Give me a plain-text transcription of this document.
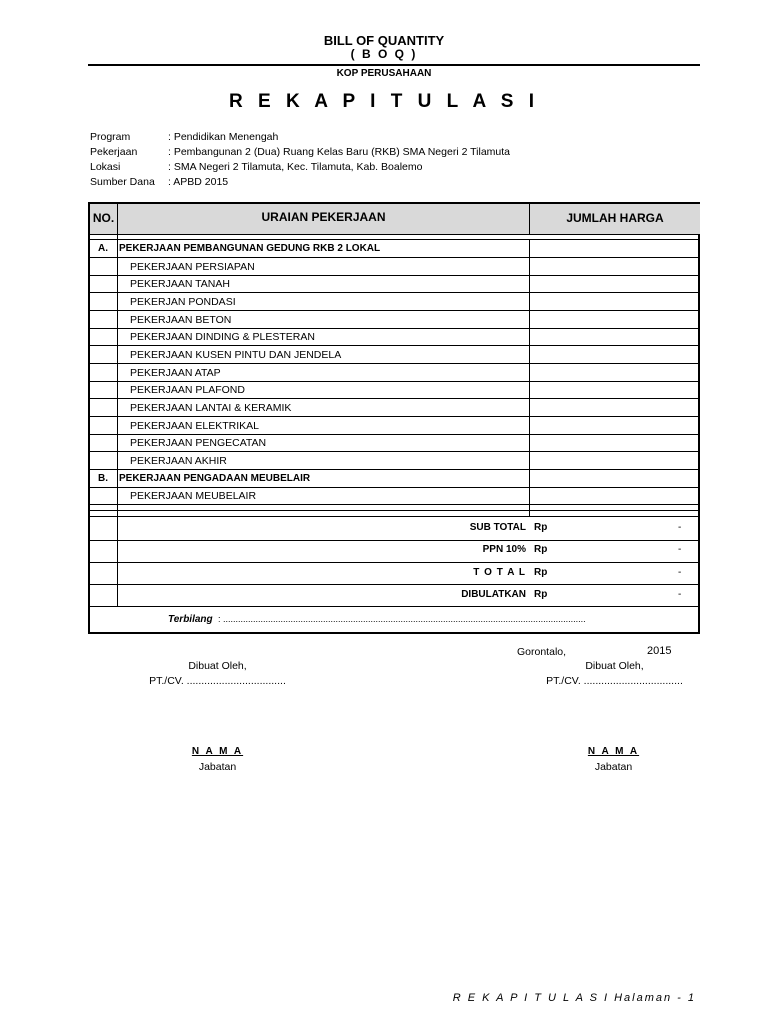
BILL OF QUANTITY
( B O Q )
KOP PERUSAHAAN
R E K A P I T U L A S I
Program	: Pendidikan Menengah
Pekerjaan	: Pembangunan 2 (Dua) Ruang Kelas Baru (RKB) SMA Negeri 2 Tilamuta
Lokasi	: SMA Negeri 2 Tilamuta, Kec. Tilamuta, Kab. Boalemo
Sumber Dana : APBD 2015
NO.	URAIAN PEKERJAAN	JUMLAH HARGA
A. PEKERJAAN PEMBANGUNAN GEDUNG RKB 2 LOKAL
PEKERJAAN PERSIAPAN
PEKERJAAN TANAH
PEKERJAN PONDASI
PEKERJAAN BETON
PEKERJAAN DINDING & PLESTERAN
PEKERJAAN KUSEN PINTU DAN JENDELA
PEKERJAAN ATAP
PEKERJAAN PLAFOND
PEKERJAAN LANTAI & KERAMIK
PEKERJAAN ELEKTRIKAL
PEKERJAAN PENGECATAN
PEKERJAAN AKHIR
B. PEKERJAAN PENGADAAN MEUBELAIR
PEKERJAAN MEUBELAIR
SUB TOTAL Rp	-
PPN 10% Rp	-
T O T A L Rp	-
DIBULATKAN Rp	-
Terbilang : .................................................................................................................................................
Gorontalo,	2015
Dibuat Oleh,
PT./CV. ..................................
N A M A
Jabatan
Dibuat Oleh,
PT./CV. ..................................
N A M A
Jabatan
R E K A P I T U L A S I Halaman - 1
